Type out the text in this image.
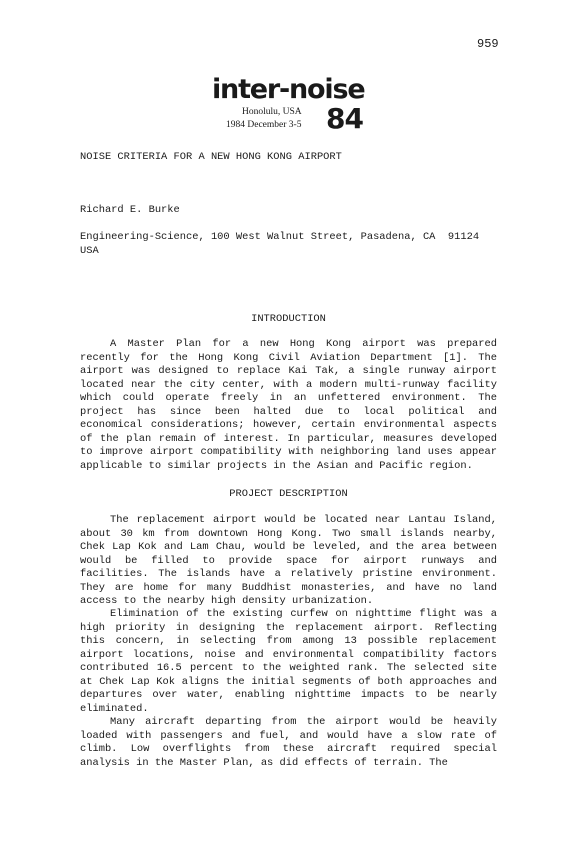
959
inter-noise
Honolulu, USA
1984 December 3-5 84
NOISE CRITERIA FOR A NEW HONG KONG AIRPORT
Richard E. Burke
Engineering-Science, 100 West Walnut Street, Pasadena, CA  91124
USA
INTRODUCTION

A Master Plan for a new Hong Kong airport was prepared recently for the Hong Kong Civil Aviation Department [1]. The airport was designed to replace Kai Tak, a single runway airport located near the city center, with a modern multi-runway facility which could operate freely in an unfettered environment. The project has since been halted due to local political and economical considerations; however, certain environmental aspects of the plan remain of interest. In particular, measures developed to improve airport compatibility with neighboring land uses appear applicable to similar projects in the Asian and Pacific region.

PROJECT DESCRIPTION

The replacement airport would be located near Lantau Island, about 30 km from downtown Hong Kong. Two small islands nearby, Chek Lap Kok and Lam Chau, would be leveled, and the area between would be filled to provide space for airport runways and facilities. The islands have a relatively pristine environment. They are home for many Buddhist monasteries, and have no land access to the nearby high density urbanization.

Elimination of the existing curfew on nighttime flight was a high priority in designing the replacement airport. Reflecting this concern, in selecting from among 13 possible replacement airport locations, noise and environmental compatibility factors contributed 16.5 percent to the weighted rank. The selected site at Chek Lap Kok aligns the initial segments of both approaches and departures over water, enabling nighttime impacts to be nearly eliminated.

Many aircraft departing from the airport would be heavily loaded with passengers and fuel, and would have a slow rate of climb. Low overflights from these aircraft required special analysis in the Master Plan, as did effects of terrain. The
